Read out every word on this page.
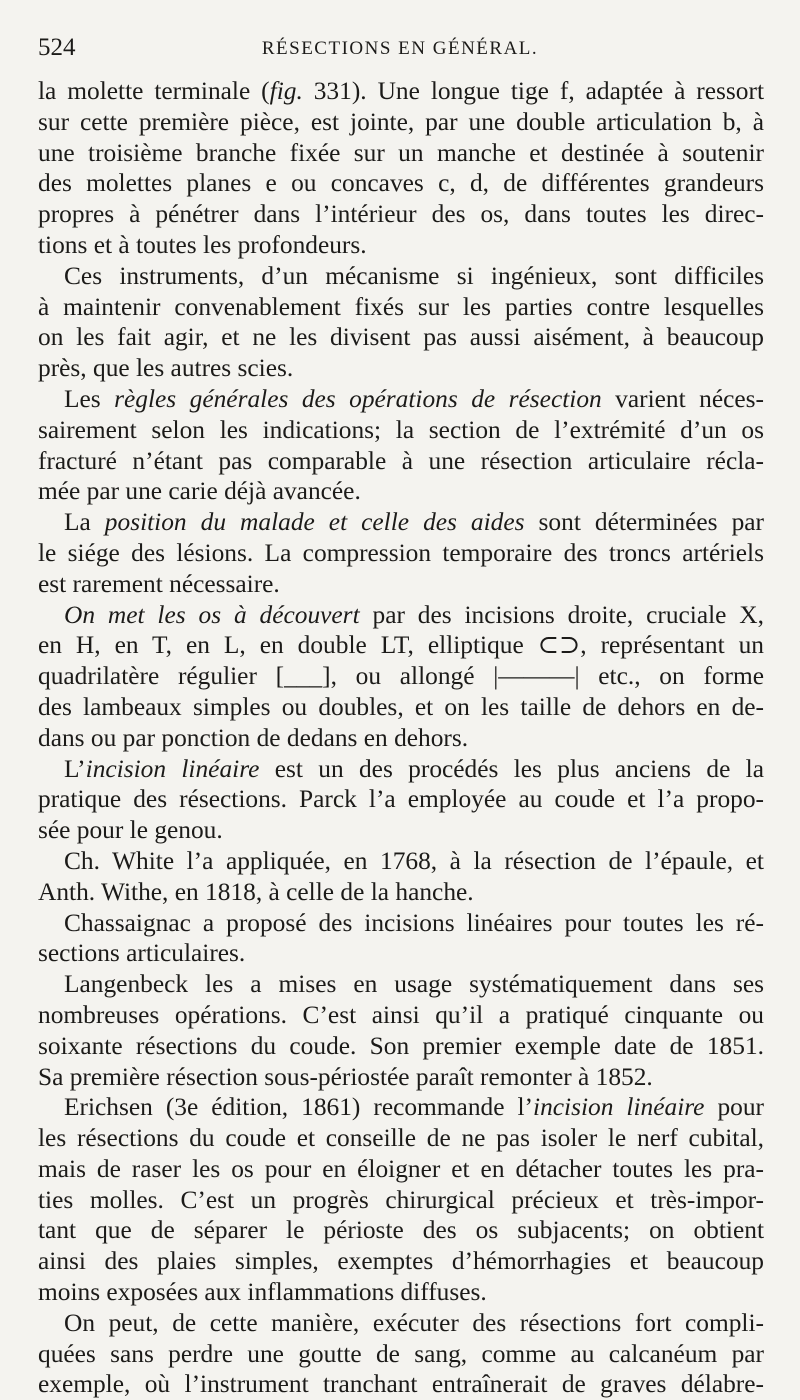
524	RÉSECTIONS EN GÉNÉRAL.
la molette terminale (fig. 331). Une longue tige f, adaptée à ressort
sur cette première pièce, est jointe, par une double articulation b, à
une troisième branche fixée sur un manche et destinée à soutenir
des molettes planes e ou concaves c, d, de différentes grandeurs
propres à pénétrer dans l’intérieur des os, dans toutes les direc-
tions et à toutes les profondeurs.
Ces instruments, d’un mécanisme si ingénieux, sont difficiles
à maintenir convenablement fixés sur les parties contre lesquelles
on les fait agir, et ne les divisent pas aussi aisément, à beaucoup
près, que les autres scies.
Les règles générales des opérations de résection varient néces-
sairement selon les indications; la section de l’extrémité d’un os
fracturé n’étant pas comparable à une résection articulaire récla-
mée par une carie déjà avancée.
La position du malade et celle des aides sont déterminées par
le siége des lésions. La compression temporaire des troncs artériels
est rarement nécessaire.
On met les os à découvert par des incisions droite, cruciale X,
en H, en T, en L, en double LT, elliptique ⊂⊃, représentant un
quadrilatère régulier [___], ou allongé |———| etc., on forme
des lambeaux simples ou doubles, et on les taille de dehors en de-
dans ou par ponction de dedans en dehors.
L’incision linéaire est un des procédés les plus anciens de la
pratique des résections. Parck l’a employée au coude et l’a propo-
sée pour le genou.
Ch. White l’a appliquée, en 1768, à la résection de l’épaule, et
Anth. Withe, en 1818, à celle de la hanche.
Chassaignac a proposé des incisions linéaires pour toutes les ré-
sections articulaires.
Langenbeck les a mises en usage systématiquement dans ses
nombreuses opérations. C’est ainsi qu’il a pratiqué cinquante ou
soixante résections du coude. Son premier exemple date de 1851.
Sa première résection sous-périostée paraît remonter à 1852.
Erichsen (3e édition, 1861) recommande l’incision linéaire pour
les résections du coude et conseille de ne pas isoler le nerf cubital,
mais de raser les os pour en éloigner et en détacher toutes les pra-
ties molles. C’est un progrès chirurgical précieux et très-impor-
tant que de séparer le périoste des os subjacents; on obtient
ainsi des plaies simples, exemptes d’hémorrhagies et beaucoup
moins exposées aux inflammations diffuses.
On peut, de cette manière, exécuter des résections fort compli-
quées sans perdre une goutte de sang, comme au calcanéum par
exemple, où l’instrument tranchant entraînerait de graves délabre-
